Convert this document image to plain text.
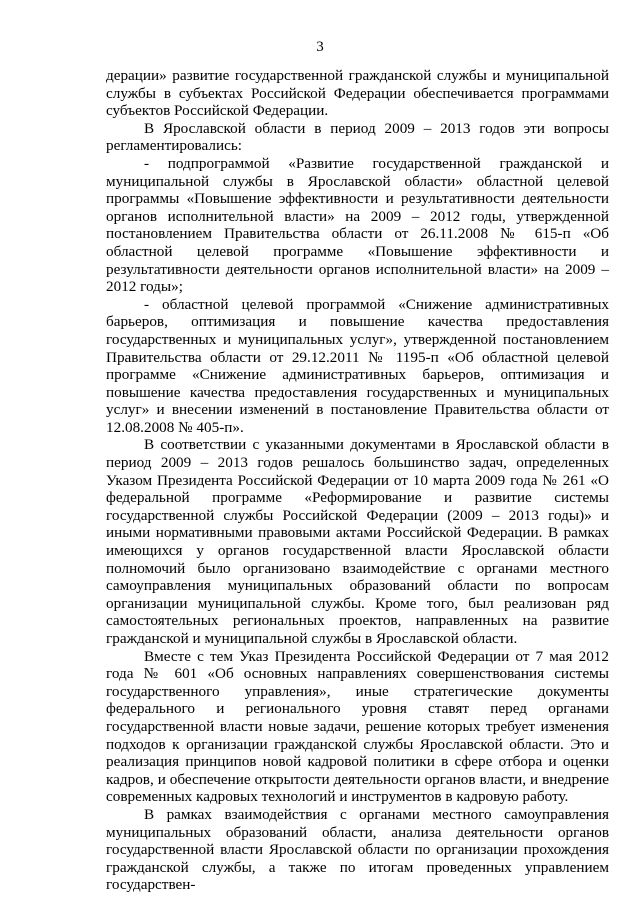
3

дерации» развитие государственной гражданской службы и муниципальной службы в субъектах Российской Федерации обеспечивается программами субъектов Российской Федерации.

В Ярославской области в период 2009 – 2013 годов эти вопросы регламентировались:

- подпрограммой «Развитие государственной гражданской и муниципальной службы в Ярославской области» областной целевой программы «Повышение эффективности и результативности деятельности органов исполнительной власти» на 2009 – 2012 годы, утвержденной постановлением Правительства области от 26.11.2008 № 615-п «Об областной целевой программе «Повышение эффективности и результативности деятельности органов исполнительной власти» на 2009 – 2012 годы»;

- областной целевой программой «Снижение административных барьеров, оптимизация и повышение качества предоставления государственных и муниципальных услуг», утвержденной постановлением Правительства области от 29.12.2011 № 1195-п «Об областной целевой программе «Снижение административных барьеров, оптимизация и повышение качества предоставления государственных и муниципальных услуг» и внесении изменений в постановление Правительства области от 12.08.2008 № 405-п».

В соответствии с указанными документами в Ярославской области в период 2009 – 2013 годов решалось большинство задач, определенных Указом Президента Российской Федерации от 10 марта 2009 года № 261 «О федеральной программе «Реформирование и развитие системы государственной службы Российской Федерации (2009 – 2013 годы)» и иными нормативными правовыми актами Российской Федерации. В рамках имеющихся у органов государственной власти Ярославской области полномочий было организовано взаимодействие с органами местного самоуправления муниципальных образований области по вопросам организации муниципальной службы. Кроме того, был реализован ряд самостоятельных региональных проектов, направленных на развитие гражданской и муниципальной службы в Ярославской области.

Вместе с тем Указ Президента Российской Федерации от 7 мая 2012 года № 601 «Об основных направлениях совершенствования системы государственного управления», иные стратегические документы федерального и регионального уровня ставят перед органами государственной власти новые задачи, решение которых требует изменения подходов к организации гражданской службы Ярославской области. Это и реализация принципов новой кадровой политики в сфере отбора и оценки кадров, и обеспечение открытости деятельности органов власти, и внедрение современных кадровых технологий и инструментов в кадровую работу.

В рамках взаимодействия с органами местного самоуправления муниципальных образований области, анализа деятельности органов государственной власти Ярославской области по организации прохождения гражданской службы, а также по итогам проведенных управлением государствен-
